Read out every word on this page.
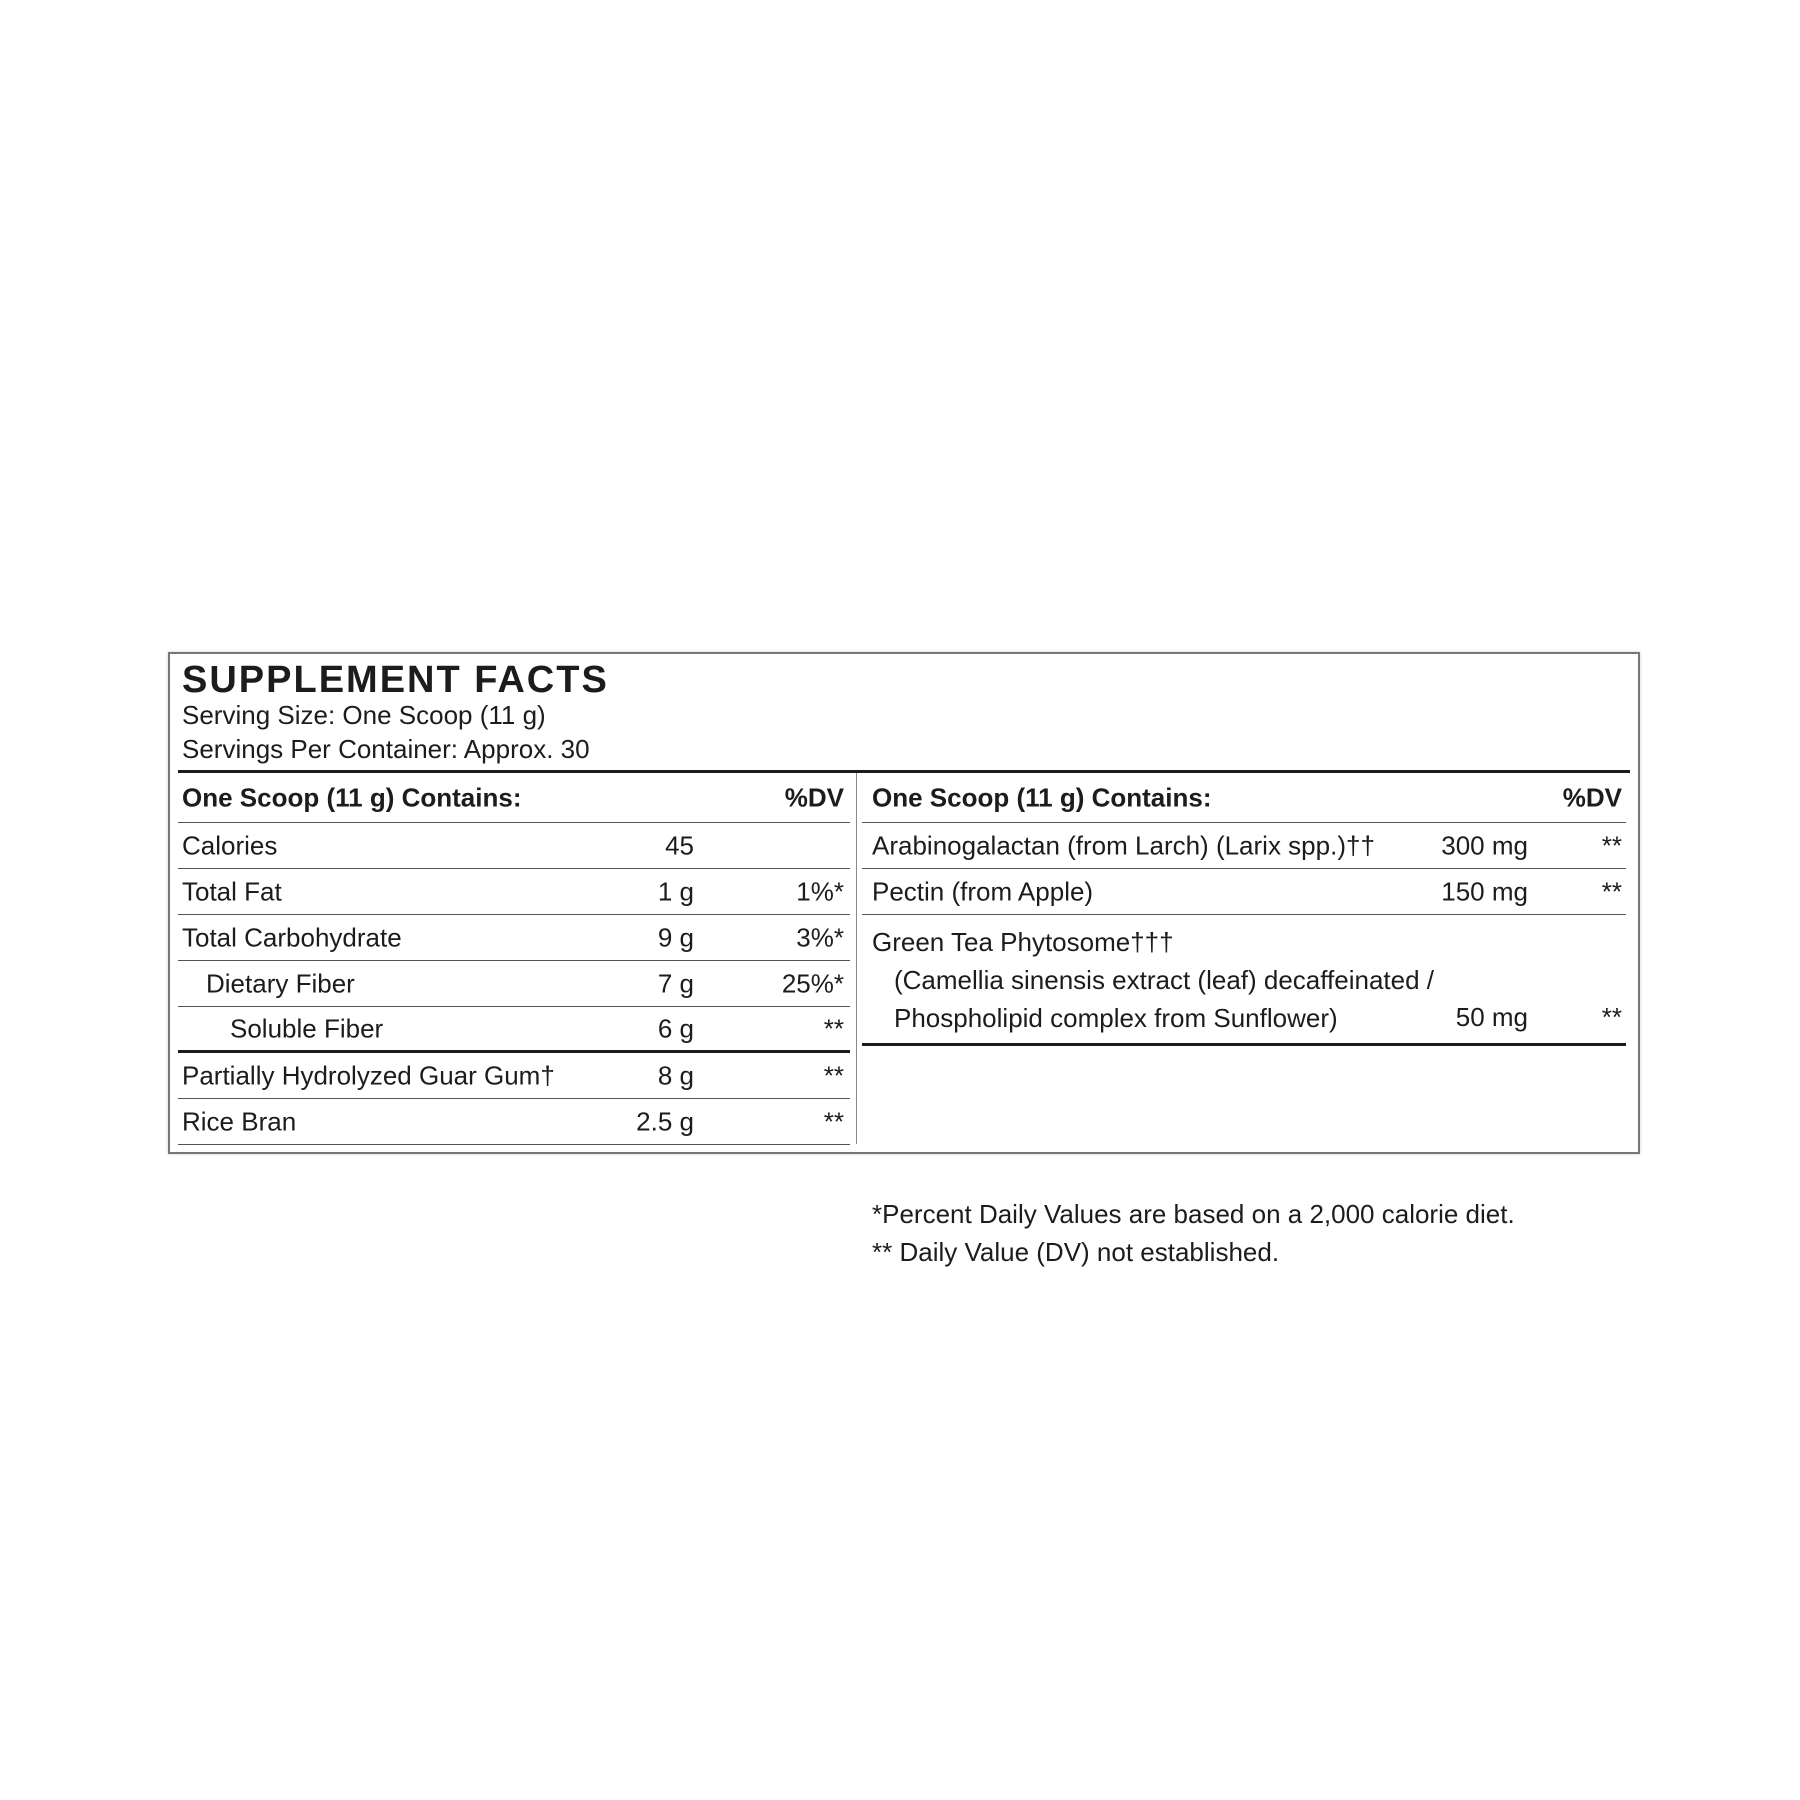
SUPPLEMENT FACTS
Serving Size: One Scoop (11 g)
Servings Per Container: Approx. 30
One Scoop (11 g) Contains:	%DV
Calories	45
Total Fat	1 g	1%*
Total Carbohydrate	9 g	3%*
Dietary Fiber	7 g	25%*
Soluble Fiber	6 g	**
Partially Hydrolyzed Guar Gum†	8 g	**
Rice Bran	2.5 g	**
One Scoop (11 g) Contains:	%DV
Arabinogalactan (from Larch) (Larix spp.)††	300 mg	**
Pectin (from Apple)	150 mg	**
Green Tea Phytosome†††
(Camellia sinensis extract (leaf) decaffeinated /
Phospholipid complex from Sunflower)	50 mg	**
*Percent Daily Values are based on a 2,000 calorie diet.
** Daily Value (DV) not established.
